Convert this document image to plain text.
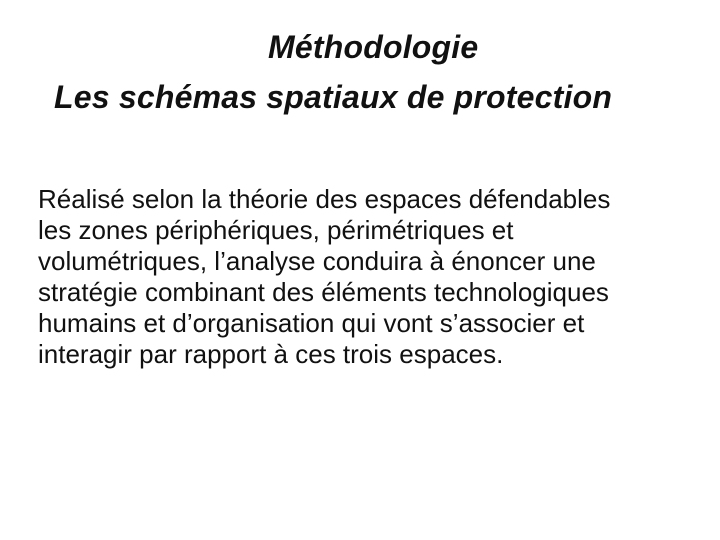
Méthodologie
Les schémas spatiaux de protection

Réalisé selon la théorie des espaces défendables

les zones périphériques, périmétriques et

volumétriques, l’analyse conduira à énoncer une

stratégie combinant des éléments technologiques

humains et d’organisation qui vont s’associer et

interagir par rapport à ces trois espaces.
